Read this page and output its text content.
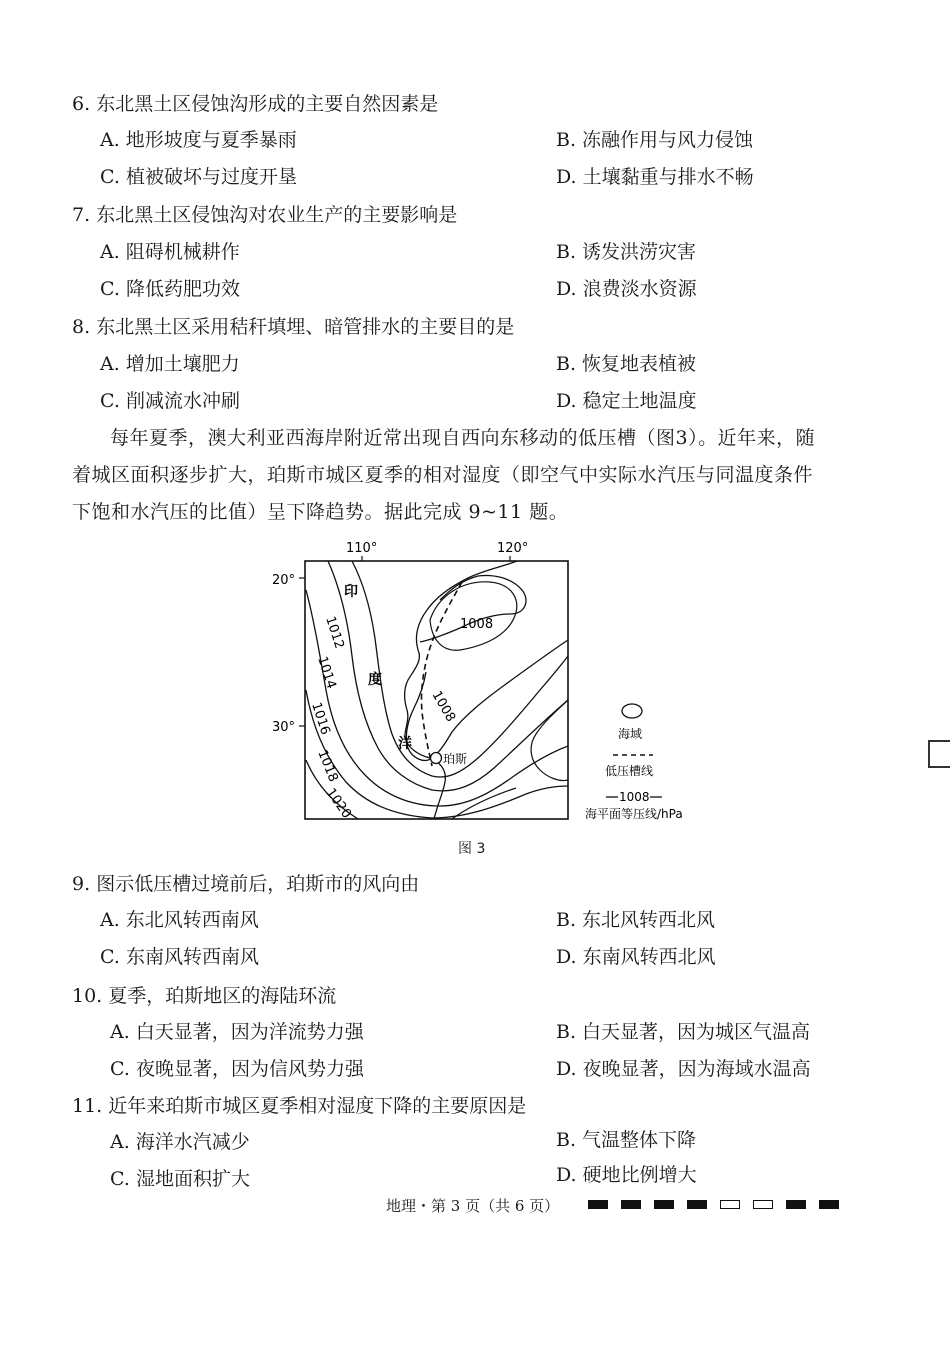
6. 东北黑土区侵蚀沟形成的主要自然因素是
A. 地形坡度与夏季暴雨	B. 冻融作用与风力侵蚀
C. 植被破坏与过度开垦	D. 土壤黏重与排水不畅
7. 东北黑土区侵蚀沟对农业生产的主要影响是
A. 阻碍机械耕作	B. 诱发洪涝灾害
C. 降低药肥功效	D. 浪费淡水资源
8. 东北黑土区采用秸秆填埋、暗管排水的主要目的是
A. 增加土壤肥力	B. 恢复地表植被
C. 削减流水冲刷	D. 稳定土地温度

每年夏季，澳大利亚西海岸附近常出现自西向东移动的低压槽（图3）。近年来，随

着城区面积逐步扩大，珀斯市城区夏季的相对湿度（即空气中实际水汽压与同温度条件

下饱和水汽压的比值）呈下降趋势。据此完成 9~11 题。

110°	120°
20°
30°
1012
1014
1016
1018
1020
1008
1008
印
度
洋
珀斯
海域
低压槽线
1008
海平面等压线/hPa
图 3
9. 图示低压槽过境前后，珀斯市的风向由
A. 东北风转西南风	B. 东北风转西北风
C. 东南风转西南风	D. 东南风转西北风
10. 夏季，珀斯地区的海陆环流
A. 白天显著，因为洋流势力强	B. 白天显著，因为城区气温高
C. 夜晚显著，因为信风势力强	D. 夜晚显著，因为海域水温高
11. 近年来珀斯市城区夏季相对湿度下降的主要原因是
A. 海洋水汽减少	B. 气温整体下降
C. 湿地面积扩大	D. 硬地比例增大
地理・第 3 页（共 6 页）
